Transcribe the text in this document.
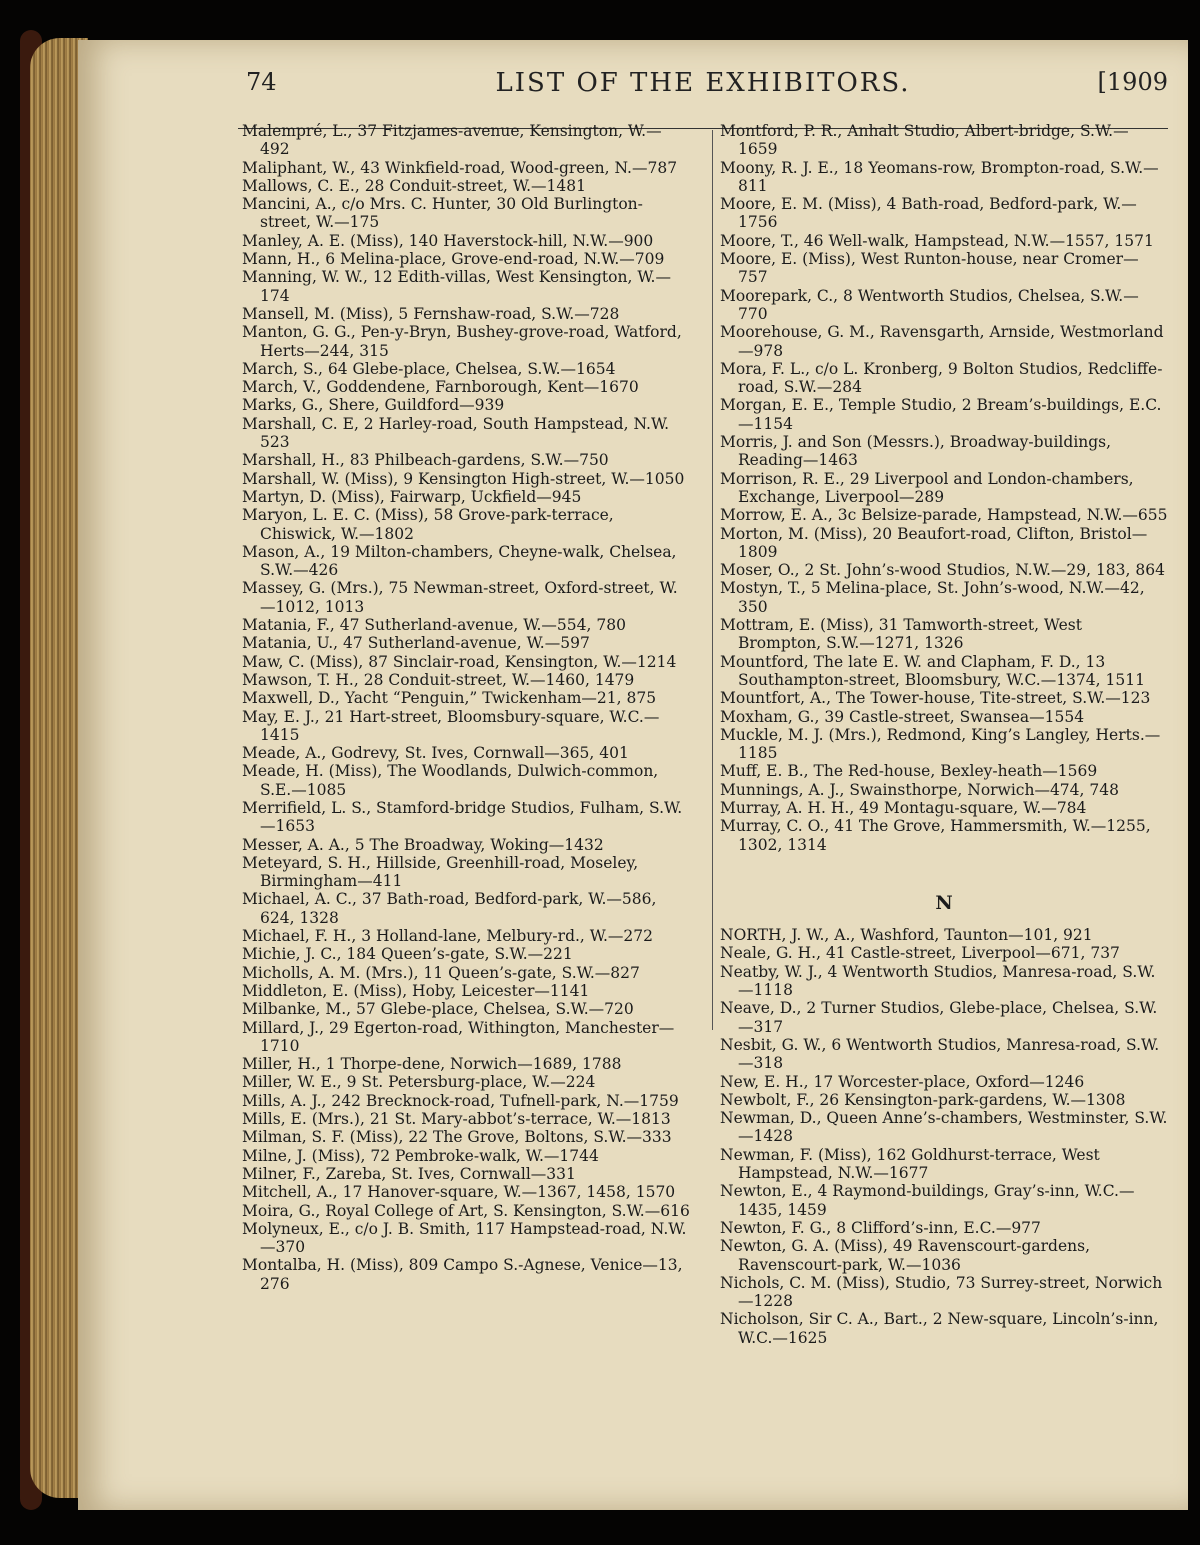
74	LIST OF THE EXHIBITORS.	[1909

Malempré, L., 37 Fitzjames-avenue, Kensington, W.—492

Maliphant, W., 43 Winkfield-road, Wood-green, N.—787

Mallows, C. E., 28 Conduit-street, W.—1481

Mancini, A., c/o Mrs. C. Hunter, 30 Old Burlington-street, W.—175

Manley, A. E. (Miss), 140 Haverstock-hill, N.W.—900

Mann, H., 6 Melina-place, Grove-end-road, N.W.—709

Manning, W. W., 12 Edith-villas, West Kensington, W.—174

Mansell, M. (Miss), 5 Fernshaw-road, S.W.—728

Manton, G. G., Pen-y-Bryn, Bushey-grove-road, Watford, Herts—244, 315

March, S., 64 Glebe-place, Chelsea, S.W.—1654

March, V., Goddendene, Farnborough, Kent—1670

Marks, G., Shere, Guildford—939

Marshall, C. E, 2 Harley-road, South Hampstead, N.W. 523

Marshall, H., 83 Philbeach-gardens, S.W.—750

Marshall, W. (Miss), 9 Kensington High-street, W.—1050

Martyn, D. (Miss), Fairwarp, Uckfield—945

Maryon, L. E. C. (Miss), 58 Grove-park-terrace, Chiswick, W.—1802

Mason, A., 19 Milton-chambers, Cheyne-walk, Chelsea, S.W.—426

Massey, G. (Mrs.), 75 Newman-street, Oxford-street, W.—1012, 1013

Matania, F., 47 Sutherland-avenue, W.—554, 780

Matania, U., 47 Sutherland-avenue, W.—597

Maw, C. (Miss), 87 Sinclair-road, Kensington, W.—1214

Mawson, T. H., 28 Conduit-street, W.—1460, 1479

Maxwell, D., Yacht “Penguin,” Twickenham—21, 875

May, E. J., 21 Hart-street, Bloomsbury-square, W.C.—1415

Meade, A., Godrevy, St. Ives, Cornwall—365, 401

Meade, H. (Miss), The Woodlands, Dulwich-common, S.E.—1085

Merrifield, L. S., Stamford-bridge Studios, Fulham, S.W.—1653

Messer, A. A., 5 The Broadway, Woking—1432

Meteyard, S. H., Hillside, Greenhill-road, Moseley, Birmingham—411

Michael, A. C., 37 Bath-road, Bedford-park, W.—586, 624, 1328

Michael, F. H., 3 Holland-lane, Melbury-rd., W.—272

Michie, J. C., 184 Queen’s-gate, S.W.—221

Micholls, A. M. (Mrs.), 11 Queen’s-gate, S.W.—827

Middleton, E. (Miss), Hoby, Leicester—1141

Milbanke, M., 57 Glebe-place, Chelsea, S.W.—720

Millard, J., 29 Egerton-road, Withington, Manchester—1710

Miller, H., 1 Thorpe-dene, Norwich—1689, 1788

Miller, W. E., 9 St. Petersburg-place, W.—224

Mills, A. J., 242 Brecknock-road, Tufnell-park, N.—1759

Mills, E. (Mrs.), 21 St. Mary-abbot’s-terrace, W.—1813

Milman, S. F. (Miss), 22 The Grove, Boltons, S.W.—333

Milne, J. (Miss), 72 Pembroke-walk, W.—1744

Milner, F., Zareba, St. Ives, Cornwall—331

Mitchell, A., 17 Hanover-square, W.—1367, 1458, 1570

Moira, G., Royal College of Art, S. Kensington, S.W.—616

Molyneux, E., c/o J. B. Smith, 117 Hampstead-road, N.W.—370

Montalba, H. (Miss), 809 Campo S.-Agnese, Venice—13, 276

Montford, P. R., Anhalt Studio, Albert-bridge, S.W.—1659

Moony, R. J. E., 18 Yeomans-row, Brompton-road, S.W.—811

Moore, E. M. (Miss), 4 Bath-road, Bedford-park, W.—1756

Moore, T., 46 Well-walk, Hampstead, N.W.—1557, 1571

Moore, E. (Miss), West Runton-house, near Cromer—757

Moorepark, C., 8 Wentworth Studios, Chelsea, S.W.—770

Moorehouse, G. M., Ravensgarth, Arnside, Westmorland—978

Mora, F. L., c/o L. Kronberg, 9 Bolton Studios, Redcliffe-road, S.W.—284

Morgan, E. E., Temple Studio, 2 Bream’s-buildings, E.C.—1154

Morris, J. and Son (Messrs.), Broadway-buildings, Reading—1463

Morrison, R. E., 29 Liverpool and London-chambers, Exchange, Liverpool—289

Morrow, E. A., 3c Belsize-parade, Hampstead, N.W.—655

Morton, M. (Miss), 20 Beaufort-road, Clifton, Bristol—1809

Moser, O., 2 St. John’s-wood Studios, N.W.—29, 183, 864

Mostyn, T., 5 Melina-place, St. John’s-wood, N.W.—42, 350

Mottram, E. (Miss), 31 Tamworth-street, West Brompton, S.W.—1271, 1326

Mountford, The late E. W. and Clapham, F. D., 13 Southampton-street, Bloomsbury, W.C.—1374, 1511

Mountfort, A., The Tower-house, Tite-street, S.W.—123

Moxham, G., 39 Castle-street, Swansea—1554

Muckle, M. J. (Mrs.), Redmond, King’s Langley, Herts.—1185

Muff, E. B., The Red-house, Bexley-heath—1569

Munnings, A. J., Swainsthorpe, Norwich—474, 748

Murray, A. H. H., 49 Montagu-square, W.—784

Murray, C. O., 41 The Grove, Hammersmith, W.—1255, 1302, 1314

N

NORTH, J. W., A., Washford, Taunton—101, 921

Neale, G. H., 41 Castle-street, Liverpool—671, 737

Neatby, W. J., 4 Wentworth Studios, Manresa-road, S.W.—1118

Neave, D., 2 Turner Studios, Glebe-place, Chelsea, S.W.—317

Nesbit, G. W., 6 Wentworth Studios, Manresa-road, S.W.—318

New, E. H., 17 Worcester-place, Oxford—1246

Newbolt, F., 26 Kensington-park-gardens, W.—1308

Newman, D., Queen Anne’s-chambers, Westminster, S.W.—1428

Newman, F. (Miss), 162 Goldhurst-terrace, West Hampstead, N.W.—1677

Newton, E., 4 Raymond-buildings, Gray’s-inn, W.C.—1435, 1459

Newton, F. G., 8 Clifford’s-inn, E.C.—977

Newton, G. A. (Miss), 49 Ravenscourt-gardens, Ravenscourt-park, W.—1036

Nichols, C. M. (Miss), Studio, 73 Surrey-street, Norwich—1228

Nicholson, Sir C. A., Bart., 2 New-square, Lincoln’s-inn, W.C.—1625
